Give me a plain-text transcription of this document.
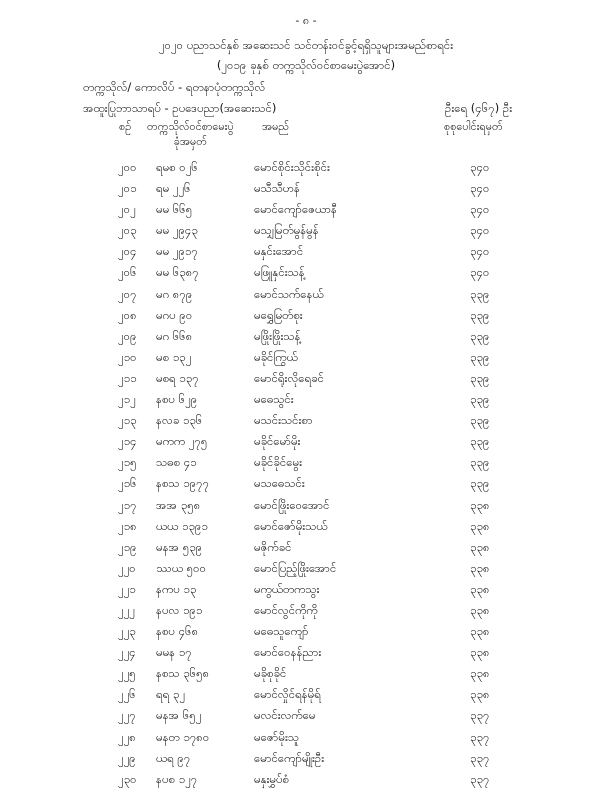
- ၈ -
၂၀၂၀ ပညာသင်နှစ် အဆေးသင် သင်တန်းဝင်ခွင့်ရရှိသူများအမည်စာရင်း
(၂၀၁၉ ခုနှစ် တက္ကသိုလ်ဝင်စာမေးပွဲအောင်)
တက္ကသိုလ်/ ကောလိပ် - ရတနာပုံတက္ကသိုလ်
အထူးပြုဘာသာရပ် - ဥပဒေပညာ(အဆေးသင်)	ဦးရေ (၄၆၇) ဦး
စဉ် တက္ကသိုလ်ဝင်စာမေးပွဲ
ခုံအမှတ်
အမည်	စုစုပေါင်းရမှတ်
၂၀၀ ရမစ ၀၂၆	မောင်စိုင်းသိုင်းစိုင်း	၃၄၀
၂၀၁ ရမ ၂၂၆	မသီသီဟန်	၃၄၀
၂၀၂ မမ ၆၆၅	မောင်ကျော်ဇေယာနီ	၃၄၀
၂၀၃ မမ ၂၉၄၃	မသျှမြတ်မွန်မွန်	၃၄၀
၂၀၄ မမ ၂၉၁၇	မနှင်းအောင်	၃၄၀
၂၀၆ မမ ၆၃၈၇	မဖြူနှင်းသန့်	၃၄၀
၂၀၇ မဂ ၈၇၉	မောင်သက်နေယ်	၃၃၉
၂၀၈ မဂပ ၉၀	မရွှေမြတ်စုး	၃၃၉
၂၀၉ မဂ ၆၆၈	မဖြိုးဖြိုးသန့်	၃၃၉
၂၁၀ မစ ၁၃၂	မခိုင်ကြွယ်	၃၃၉
၂၁၁ မစရ ၁၃၇	မောင်ရိုးလိုရေခင်	၃၃၉
၂၁၂ နစပ ၆၂၉	မဓေသွင်း	၃၃၉
၂၁၃ နလခ ၁၃၆	မသင်းသင်းစာ	၃၃၉
၂၁၄ မကက ၂၇၅	မခိုင်မော်မိုး	၃၃၉
၂၁၅ သဓစ ၄၁	မခိုင်ခိုင်မွေး	၃၃၉
၂၁၆ နစသ ၁၉၇၇	မသဓေသင်း	၃၃၉
၂၁၇ အအ ၃၅၈	မောင်ဖြိုးဝေအောင်	၃၃၈
၂၁၈ ယယ ၁၃၉၁	မောင်ဇော်မိုးသယ်	၃၃၈
၂၁၉ မနအ ၅၃၉	မဇိုက်ခင်	၃၃၈
၂၂၀ ဿယ ၅၀၀	မောင်ပြည့်ဖြိုးအောင်	၃၃၈
၂၂၁ နကပ ၁၃	မကွယ်တကသွး	၃၃၈
၂၂၂ နပလ ၁၉၁	မောင်လွင်ကိုကို	၃၃၈
၂၂၃ နစပ ၄၆၈	မဓေသူကျော်	၃၃၈
၂၂၄ မမန ၁၇	မောင်ဝေနန်ညား	၃၃၈
၂၂၅ နစသ ၃၆၅၈	မခိုစုခိုင်	၃၃၈
၂၂၆ ရရ ၃၂	မောင်လှိုင်ရန်မိုရ်	၃၃၈
၂၂၇ မနအ ၆၅၂	မလင်းလက်မေ	၃၃၇
၂၂၈ မနတ ၁၇၈၀	မဇော်မိုးသူ	၃၃၇
၂၂၉ ယရ ၉၇	မောင်ကျော်မျိုးဦး	၃၃၇
၂၃၀ နပစ ၁၂၇	မနှးမွှပ်စံ	၃၃၇
